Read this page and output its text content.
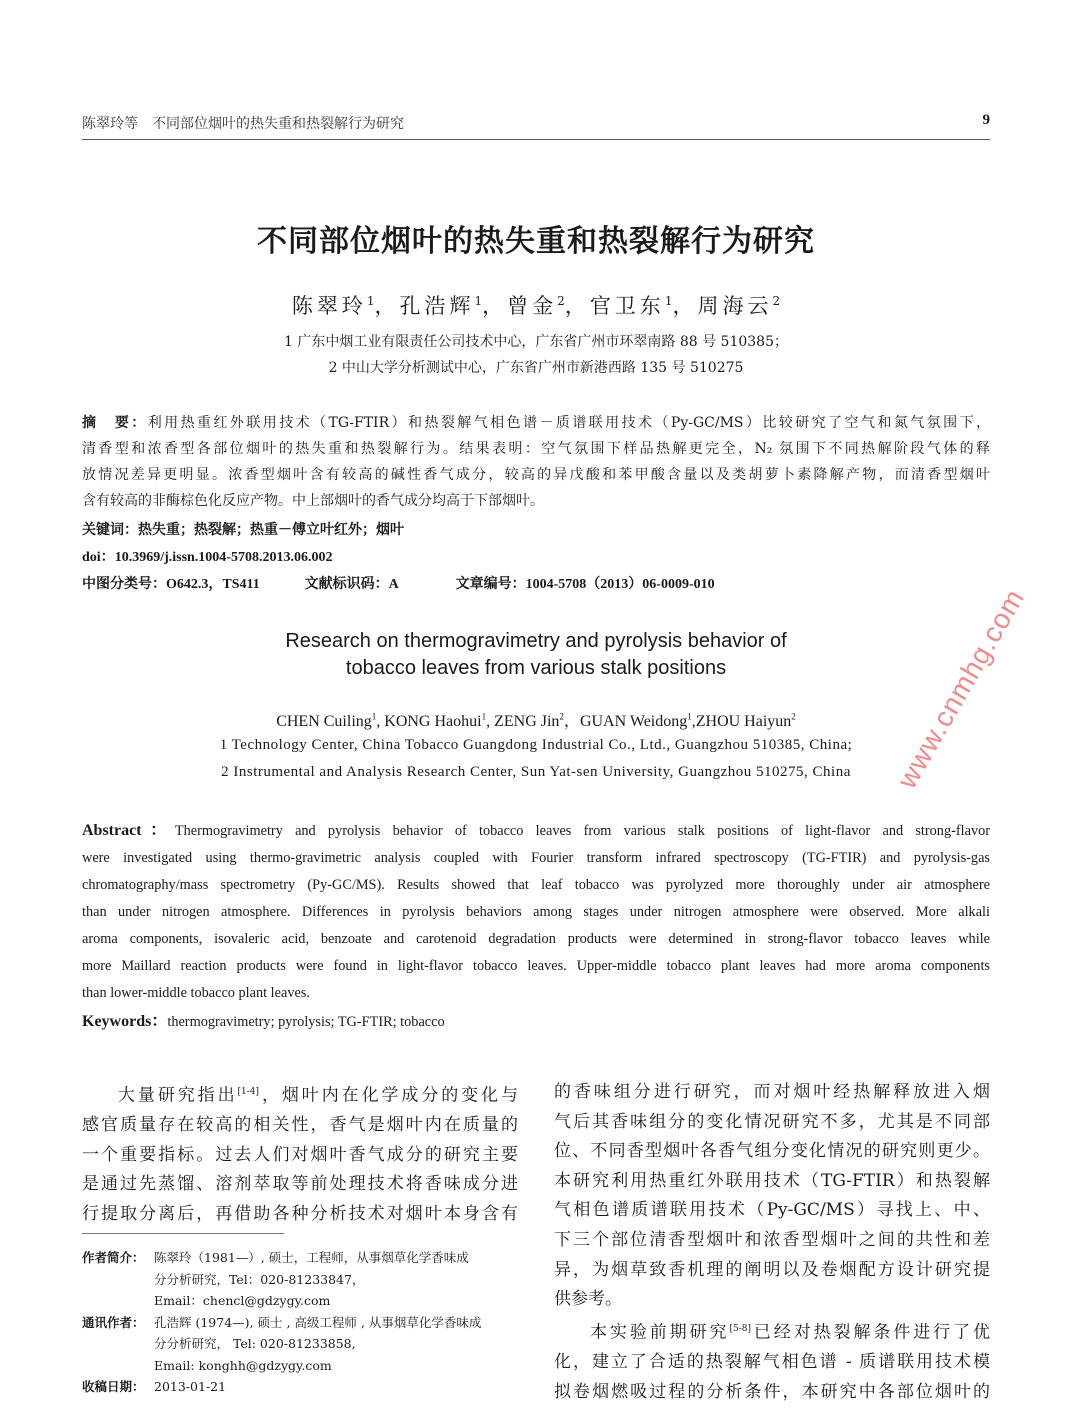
陈翠玲等　不同部位烟叶的热失重和热裂解行为研究	9
不同部位烟叶的热失重和热裂解行为研究
陈翠玲$^1$，孔浩辉$^1$，曾金$^2$，官卫东$^1$，周海云$^2$
1 广东中烟工业有限责任公司技术中心，广东省广州市环翠南路 88 号 510385；
2 中山大学分析测试中心，广东省广州市新港西路 135 号 510275
摘　要：利用热重红外联用技术（TG-FTIR）和热裂解气相色谱－质谱联用技术（Py-GC/MS）比较研究了空气和氮气氛围下，
清香型和浓香型各部位烟叶的热失重和热裂解行为。结果表明：空气氛围下样品热解更完全，N₂ 氛围下不同热解阶段气体的释
放情况差异更明显。浓香型烟叶含有较高的碱性香气成分，较高的异戊酸和苯甲酸含量以及类胡萝卜素降解产物，而清香型烟叶
含有较高的非酶棕色化反应产物。中上部烟叶的香气成分均高于下部烟叶。
关键词：热失重；热裂解；热重－傅立叶红外；烟叶
doi：10.3969/j.issn.1004-5708.2013.06.002
中图分类号：O642.3，TS411	文献标识码：A	文章编号：1004-5708（2013）06-0009-010
Research on thermogravimetry and pyrolysis behavior of
tobacco leaves from various stalk positions
CHEN Cuiling$^1$, KONG Haohui$^1$, ZENG Jin$^2$，GUAN Weidong$^1$,ZHOU Haiyun$^2$
1 Technology Center, China Tobacco Guangdong Industrial Co., Ltd., Guangzhou 510385, China;
2 Instrumental and Analysis Research Center, Sun Yat-sen University, Guangzhou 510275, China
Abstract：Thermogravimetry and pyrolysis behavior of tobacco leaves from various stalk positions of light-flavor and strong-flavor
were investigated using thermo-gravimetric analysis coupled with Fourier transform infrared spectroscopy (TG-FTIR) and pyrolysis-gas
chromatography/mass spectrometry (Py-GC/MS). Results showed that leaf tobacco was pyrolyzed more thoroughly under air atmosphere
than under nitrogen atmosphere. Differences in pyrolysis behaviors among stages under nitrogen atmosphere were observed. More alkali
aroma components, isovaleric acid, benzoate and carotenoid degradation products were determined in strong-flavor tobacco leaves while
more Maillard reaction products were found in light-flavor tobacco leaves. Upper-middle tobacco plant leaves had more aroma components
than lower-middle tobacco plant leaves.
Keywords：thermogravimetry; pyrolysis; TG-FTIR; tobacco
大量研究指出[1-4]，烟叶内在化学成分的变化与
感官质量存在较高的相关性，香气是烟叶内在质量的
一个重要指标。过去人们对烟叶香气成分的研究主要
是通过先蒸馏、溶剂萃取等前处理技术将香味成分进
行提取分离后，再借助各种分析技术对烟叶本身含有
的香味组分进行研究，而对烟叶经热解释放进入烟
气后其香味组分的变化情况研究不多，尤其是不同部
位、不同香型烟叶各香气组分变化情况的研究则更少。
本研究利用热重红外联用技术（TG-FTIR）和热裂解
气相色谱质谱联用技术（Py-GC/MS）寻找上、中、
下三个部位清香型烟叶和浓香型烟叶之间的共性和差
异，为烟草致香机理的阐明以及卷烟配方设计研究提
供参考。
本实验前期研究[5-8]已经对热裂解条件进行了优
化，建立了合适的热裂解气相色谱 - 质谱联用技术模
拟卷烟燃吸过程的分析条件，本研究中各部位烟叶的
作者简介： 陈翠玲（1981—）, 硕士，工程师，从事烟草化学香味成
分分析研究，Tel：020-81233847，
Email：chencl@gdzygy.com
通讯作者： 孔浩辉 (1974—), 硕士 , 高级工程师 , 从事烟草化学香味成
分分析研究， Tel: 020-81233858,
Email: konghh@gdzygy.com
收稿日期： 2013-01-21
www.cnmhg.com
